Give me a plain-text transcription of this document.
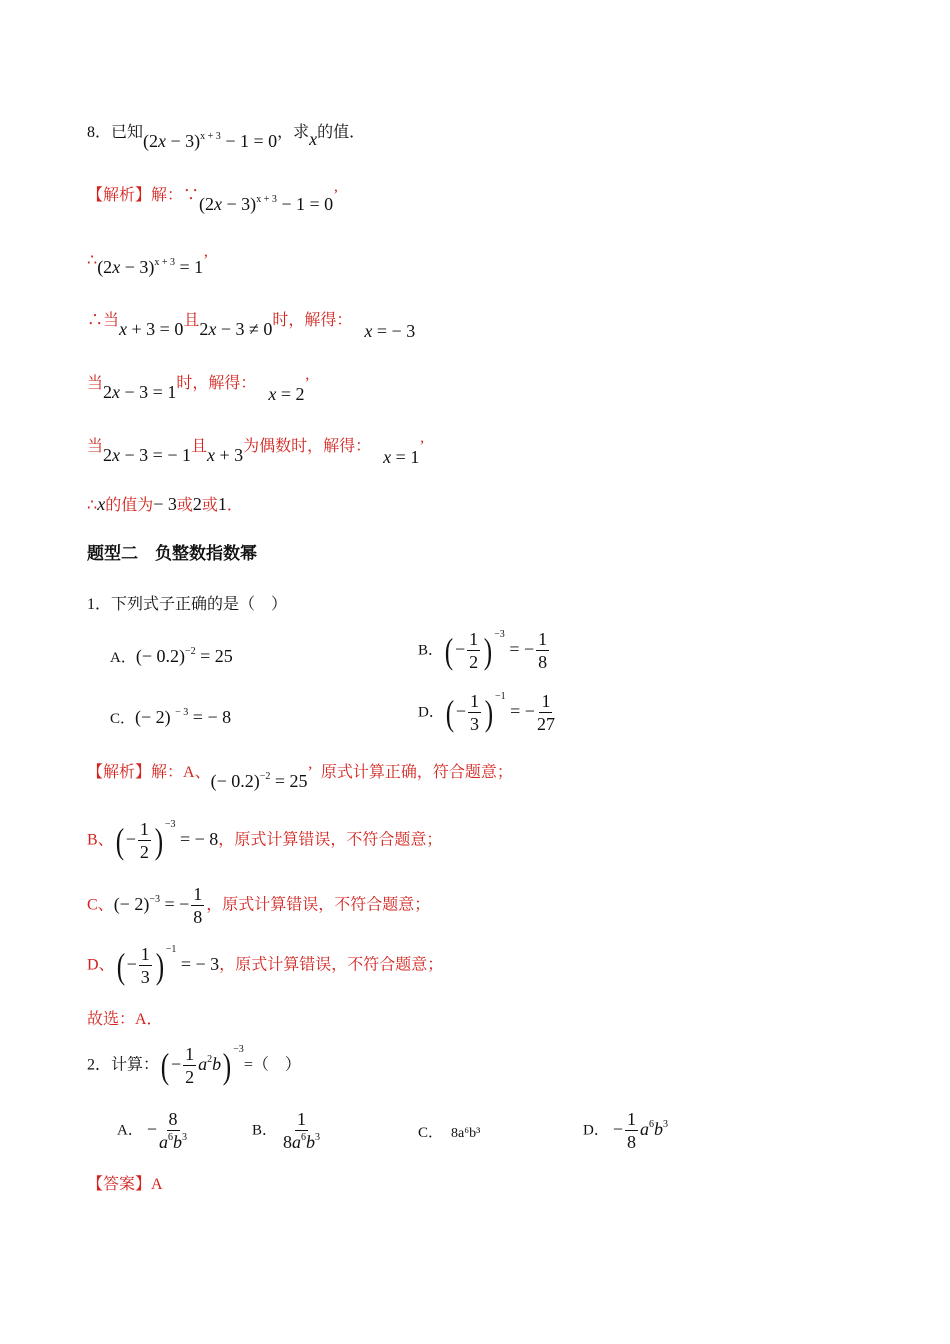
8．已知$(2x - 3)^{x + 3} - 1 = 0$，求x的值．
【解析】解：∵(2x − 3)$^{x + 3}$ − 1 = 0’
∴(2x − 3)$^{x + 3}$ = 1’
∴当x + 3 = 0且2x − 3 ≠ 0时，解得：   x = − 3
当2x − 3 = 1时，解得：   x = 2’
当2x − 3 = − 1且x + 3为偶数时，解得：   x = 1’
∴x的值为− 3或2或1．
题型二　负整数指数幂
1．下列式子正确的是（　）
A．(− 0.2)$^{-2}$ = 25	B．(− $\frac{1}{2}$ ) $^{-3}$ = − $\frac{1}{8}$
C．(− 2) $^{- 3}$ = − 8	D．(− $\frac{1}{3}$ ) $^{-1}$ = − $\frac{1}{27}$
【解析】解：A、(− 0.2)$^{-2}$ = 25’  原式计算正确，符合题意；
B、( − $\frac{1}{2}$ ) $^{-3}$ = − 8，原式计算错误，不符合题意；
C、(− 2)$^{-3}$ = − $\frac{1}{8}$ ，原式计算错误，不符合题意；
D、( − $\frac{1}{3}$ ) $^{-1}$ = − 3，原式计算错误，不符合题意；
故选：A．
2．计算：(− $\frac{1}{2} a^2b$) $^{-3}$=（　）
A． − $\frac{8}{a^6b^3}$	B． $\frac{1}{8a^6b^3}$	C． 8a⁶b³	D． − $\frac{1}{8} a^6b^3$
【答案】A
